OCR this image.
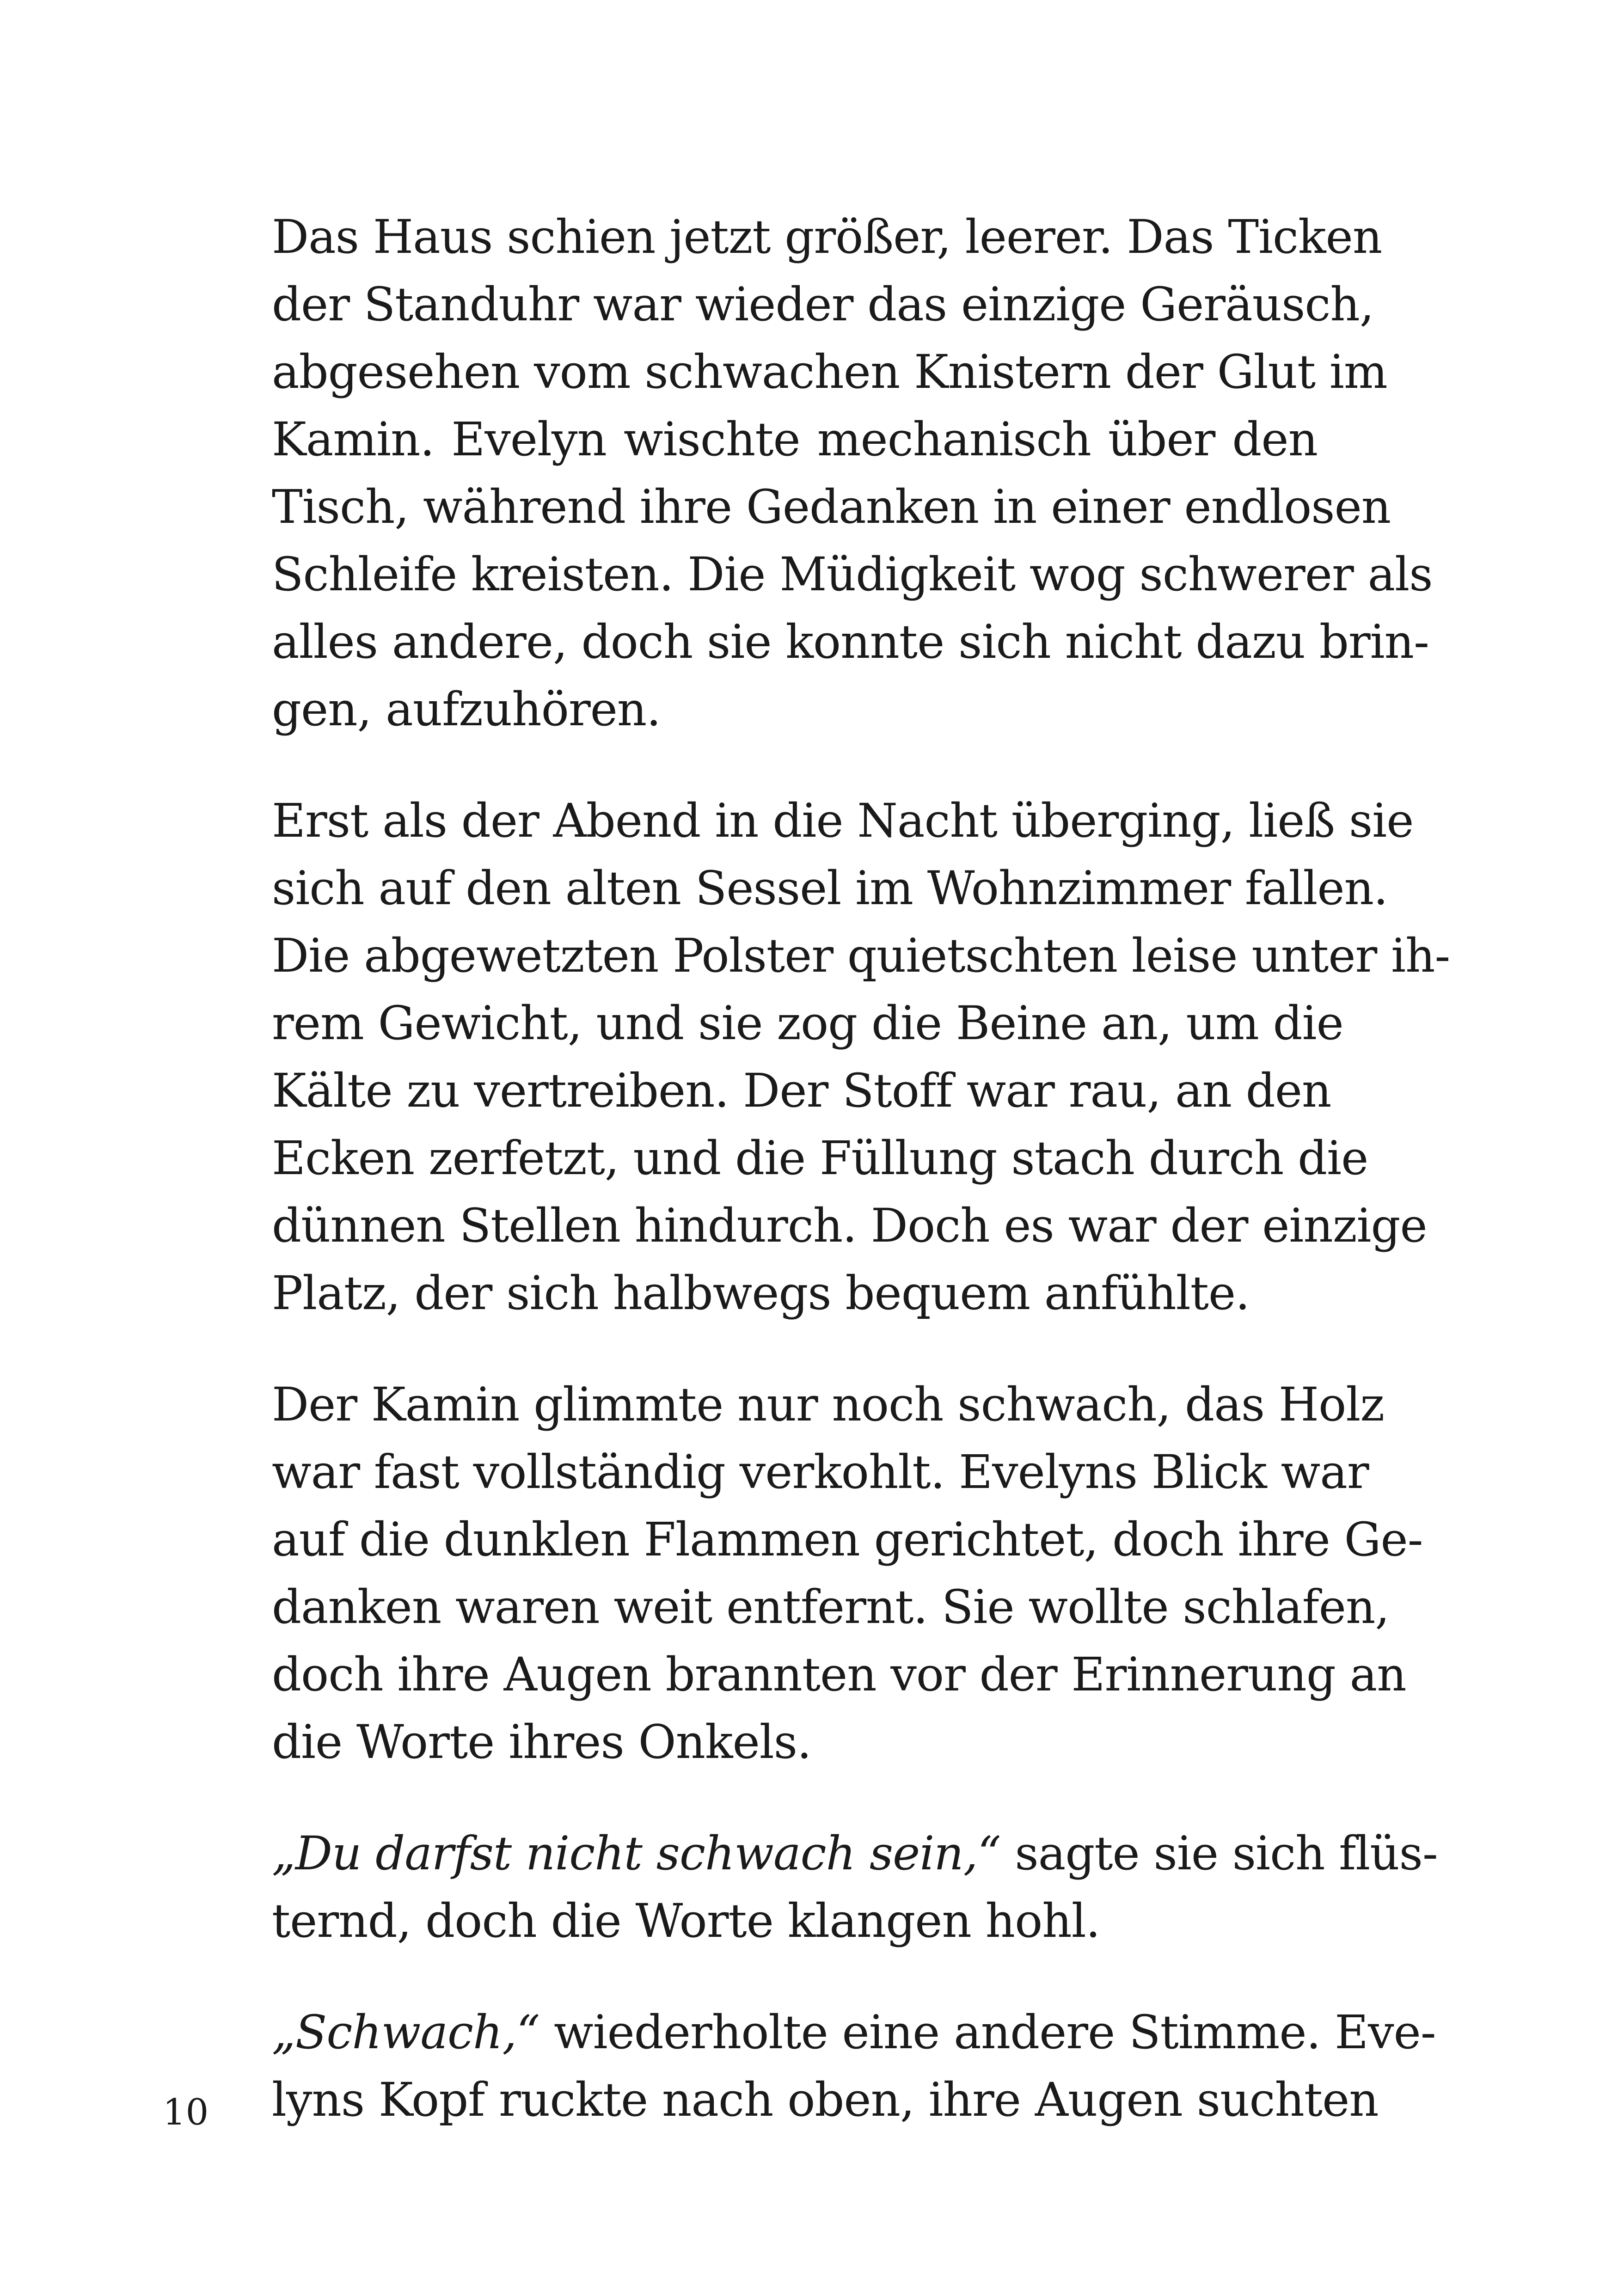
Das Haus schien jetzt größer, leerer. Das Ticken
der Standuhr war wieder das einzige Geräusch,
abgesehen vom schwachen Knistern der Glut im
Kamin. Evelyn wischte mechanisch über den
Tisch, während ihre Gedanken in einer endlosen
Schleife kreisten. Die Müdigkeit wog schwerer als
alles andere, doch sie konnte sich nicht dazu brin-
gen, aufzuhören.

Erst als der Abend in die Nacht überging, ließ sie
sich auf den alten Sessel im Wohnzimmer fallen.
Die abgewetzten Polster quietschten leise unter ih-
rem Gewicht, und sie zog die Beine an, um die
Kälte zu vertreiben. Der Stoff war rau, an den
Ecken zerfetzt, und die Füllung stach durch die
dünnen Stellen hindurch. Doch es war der einzige
Platz, der sich halbwegs bequem anfühlte.

Der Kamin glimmte nur noch schwach, das Holz
war fast vollständig verkohlt. Evelyns Blick war
auf die dunklen Flammen gerichtet, doch ihre Ge-
danken waren weit entfernt. Sie wollte schlafen,
doch ihre Augen brannten vor der Erinnerung an
die Worte ihres Onkels.

„Du darfst nicht schwach sein,“ sagte sie sich flüs-
ternd, doch die Worte klangen hohl.

„Schwach,“ wiederholte eine andere Stimme. Eve-
lyns Kopf ruckte nach oben, ihre Augen suchten

10
